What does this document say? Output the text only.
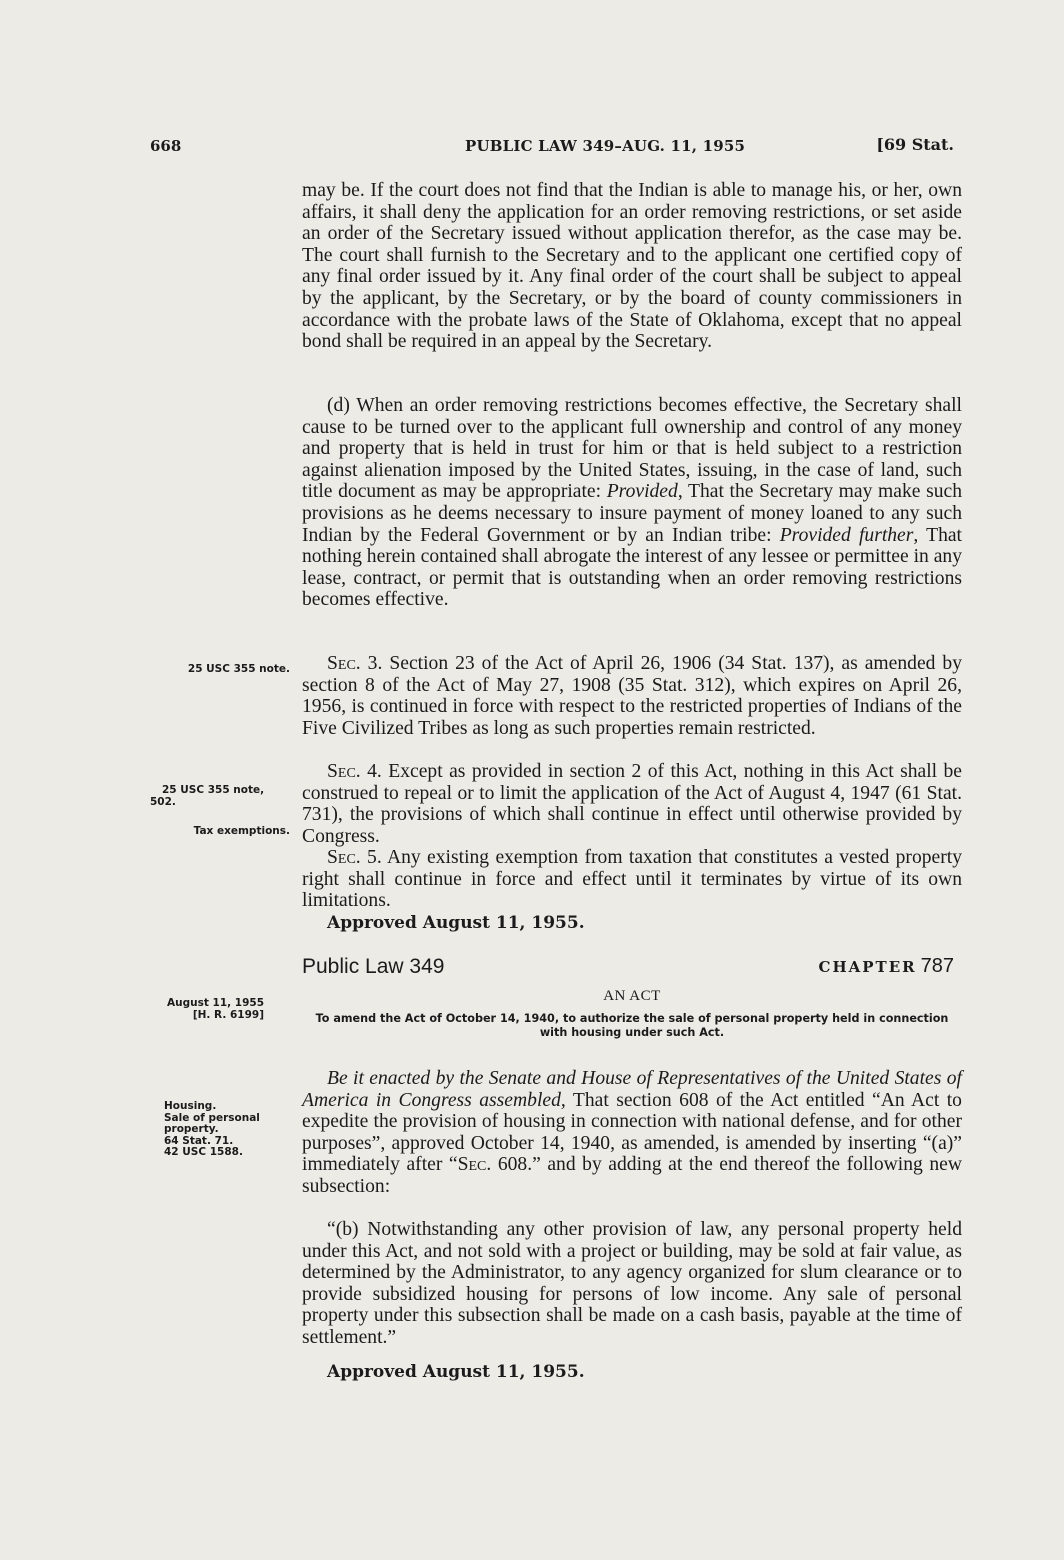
668	PUBLIC LAW 349–AUG. 11, 1955	[69 Stat.

may be. If the court does not find that the Indian is able to manage his, or her, own affairs, it shall deny the application for an order removing restrictions, or set aside an order of the Secretary issued without application therefor, as the case may be. The court shall furnish to the Secretary and to the applicant one certified copy of any final order issued by it. Any final order of the court shall be subject to appeal by the applicant, by the Secretary, or by the board of county commissioners in accordance with the probate laws of the State of Oklahoma, except that no appeal bond shall be required in an appeal by the Secretary.

(d) When an order removing restrictions becomes effective, the Secretary shall cause to be turned over to the applicant full ownership and control of any money and property that is held in trust for him or that is held subject to a restriction against alienation imposed by the United States, issuing, in the case of land, such title document as may be appropriate: Provided, That the Secretary may make such provisions as he deems necessary to insure payment of money loaned to any such Indian by the Federal Government or by an Indian tribe: Provided further, That nothing herein contained shall abrogate the interest of any lessee or permittee in any lease, contract, or permit that is outstanding when an order removing restrictions becomes effective.

Sec. 3. Section 23 of the Act of April 26, 1906 (34 Stat. 137), as amended by section 8 of the Act of May 27, 1908 (35 Stat. 312), which expires on April 26, 1956, is continued in force with respect to the restricted properties of Indians of the Five Civilized Tribes as long as such properties remain restricted.

Sec. 4. Except as provided in section 2 of this Act, nothing in this Act shall be construed to repeal or to limit the application of the Act of August 4, 1947 (61 Stat. 731), the provisions of which shall continue in effect until otherwise provided by Congress.

Sec. 5. Any existing exemption from taxation that constitutes a vested property right shall continue in force and effect until it terminates by virtue of its own limitations.

Approved August 11, 1955.

Public Law 349	CHAPTER 787
AN ACT
To amend the Act of October 14, 1940, to authorize the sale of personal property held in connection with housing under such Act.

Be it enacted by the Senate and House of Representatives of the United States of America in Congress assembled, That section 608 of the Act entitled “An Act to expedite the provision of housing in connection with national defense, and for other purposes”, approved October 14, 1940, as amended, is amended by inserting “(a)” immediately after “Sec. 608.” and by adding at the end thereof the following new subsection:

“(b) Notwithstanding any other provision of law, any personal property held under this Act, and not sold with a project or building, may be sold at fair value, as determined by the Administrator, to any agency organized for slum clearance or to provide subsidized housing for persons of low income. Any sale of personal property under this subsection shall be made on a cash basis, payable at the time of settlement.”

Approved August 11, 1955.

25 USC 355 note.
25 USC 355 note,
502.
Tax exemptions.
August 11, 1955
[H. R. 6199]
Housing.
Sale of personal
property.
64 Stat. 71.
42 USC 1588.
